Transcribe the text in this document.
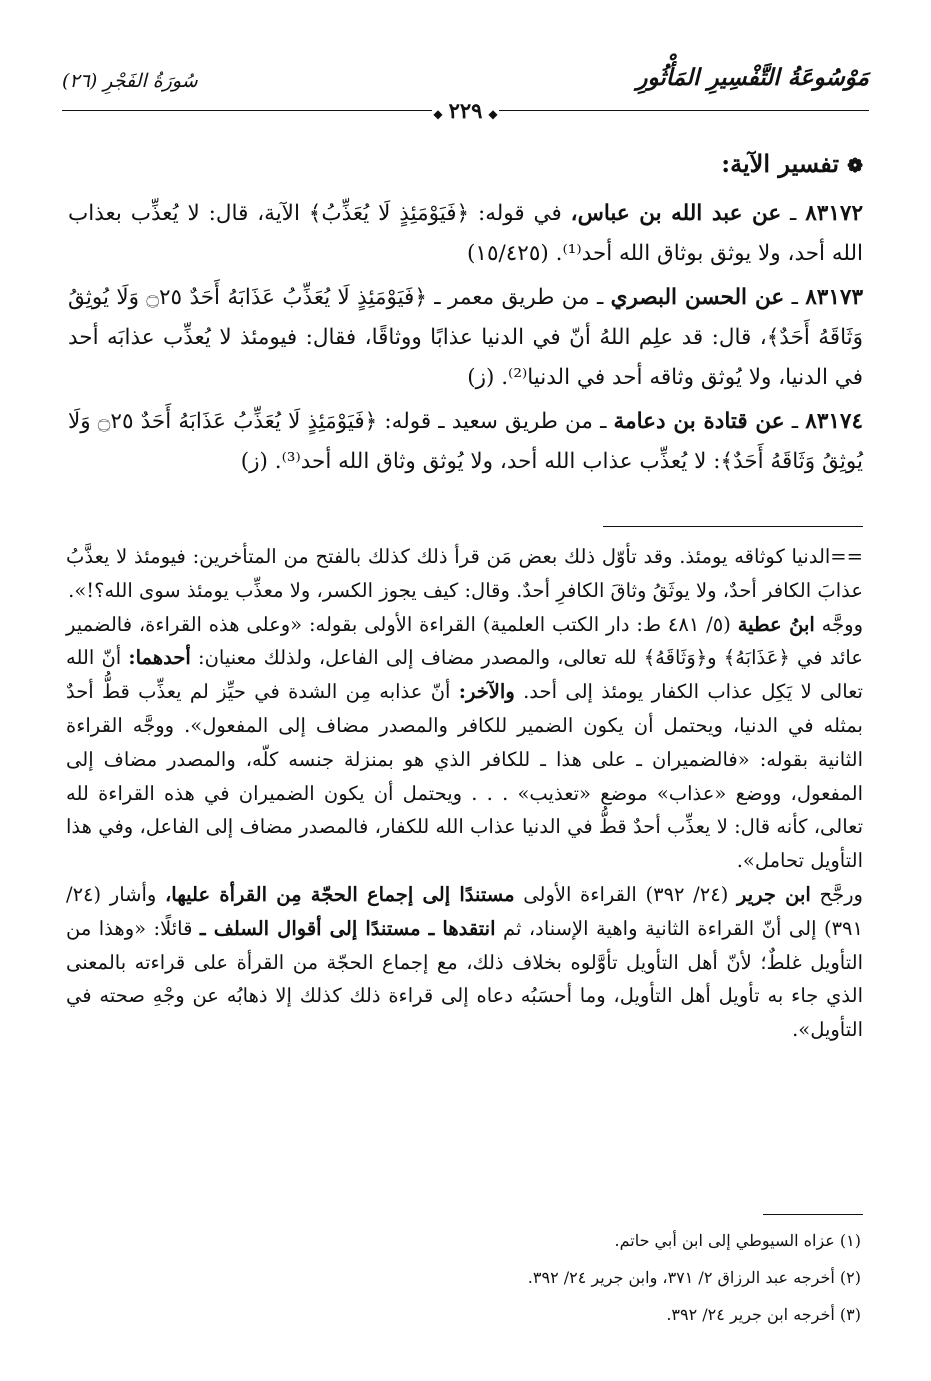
مَوْسُوعَةُ التَّفْسِيرِ المَأْثُورِ
سُورَةُ الفَجْرِ (٢٦)
◆٢٢٩◆
❁تفسير الآية:

٨٣١٧٢ ـ عن عبد الله بن عباس، في قوله: ﴿فَيَوْمَئِذٍ لَا يُعَذِّبُ﴾ الآية، قال: لا يُعذِّب بعذاب الله أحد، ولا يوثق بوثاق الله أحد⁽¹⁾. (١٥/٤٢٥)

٨٣١٧٣ ـ عن الحسن البصري ـ من طريق معمر ـ ﴿فَيَوْمَئِذٍ لَا يُعَذِّبُ عَذَابَهُ أَحَدٌ ۝٢٥ وَلَا يُوثِقُ وَثَاقَهُ أَحَدٌ﴾، قال: قد علِم اللهُ أنّ في الدنيا عذابًا ووثاقًا، فقال: فيومئذ لا يُعذِّب عذابَه أحد في الدنيا، ولا يُوثق وثاقه أحد في الدنيا⁽²⁾. (ز)

٨٣١٧٤ ـ عن قتادة بن دعامة ـ من طريق سعيد ـ قوله: ﴿فَيَوْمَئِذٍ لَا يُعَذِّبُ عَذَابَهُ أَحَدٌ ۝٢٥ وَلَا يُوثِقُ وَثَاقَهُ أَحَدٌ﴾: لا يُعذِّب عذاب الله أحد، ولا يُوثق وثاق الله أحد⁽³⁾. (ز)

==الدنيا كوثاقه يومئذ. وقد تأوّل ذلك بعض مَن قرأ ذلك كذلك بالفتح من المتأخرين: فيومئذ لا يعذَّبُ عذابَ الكافر أحدٌ، ولا يوثَقُ وثاقَ الكافرِ أحدٌ. وقال: كيف يجوز الكسر، ولا معذِّب يومئذ سوى الله؟!».

ووجَّه ابنُ عطية (٥/ ٤٨١ ط: دار الكتب العلمية) القراءة الأولى بقوله: «وعلى هذه القراءة، فالضمير عائد في ﴿عَذَابَهُ﴾ و﴿وَثَاقَهُ﴾ لله تعالى، والمصدر مضاف إلى الفاعل، ولذلك معنيان: أحدهما: أنّ الله تعالى لا يَكِل عذاب الكفار يومئذ إلى أحد. والآخر: أنّ عذابه مِن الشدة في حيِّز لم يعذِّب قطُّ أحدٌ بمثله في الدنيا، ويحتمل أن يكون الضمير للكافر والمصدر مضاف إلى المفعول». ووجَّه القراءة الثانية بقوله: «فالضميران ـ على هذا ـ للكافر الذي هو بمنزلة جنسه كلّه، والمصدر مضاف إلى المفعول، ووضع «عذاب» موضع «تعذيب» . . . ويحتمل أن يكون الضميران في هذه القراءة لله تعالى، كأنه قال: لا يعذِّب أحدٌ قطُّ في الدنيا عذاب الله للكفار، فالمصدر مضاف إلى الفاعل، وفي هذا التأويل تحامل».

ورجَّح ابن جرير (٢٤/ ٣٩٢) القراءة الأولى مستندًا إلى إجماع الحجّة مِن القرأة عليها، وأشار (٢٤/ ٣٩١) إلى أنّ القراءة الثانية واهية الإسناد، ثم انتقدها ـ مستندًا إلى أقوال السلف ـ قائلًا: «وهذا من التأويل غلطٌ؛ لأنّ أهل التأويل تأوَّلوه بخلاف ذلك، مع إجماع الحجّة من القرأة على قراءته بالمعنى الذي جاء به تأويل أهل التأويل، وما أحسَبُه دعاه إلى قراءة ذلك كذلك إلا ذهابُه عن وجْهِ صحته في التأويل».

(١) عزاه السيوطي إلى ابن أبي حاتم.

(٢) أخرجه عبد الرزاق ٢/ ٣٧١، وابن جرير ٢٤/ ٣٩٢.

(٣) أخرجه ابن جرير ٢٤/ ٣٩٢.
